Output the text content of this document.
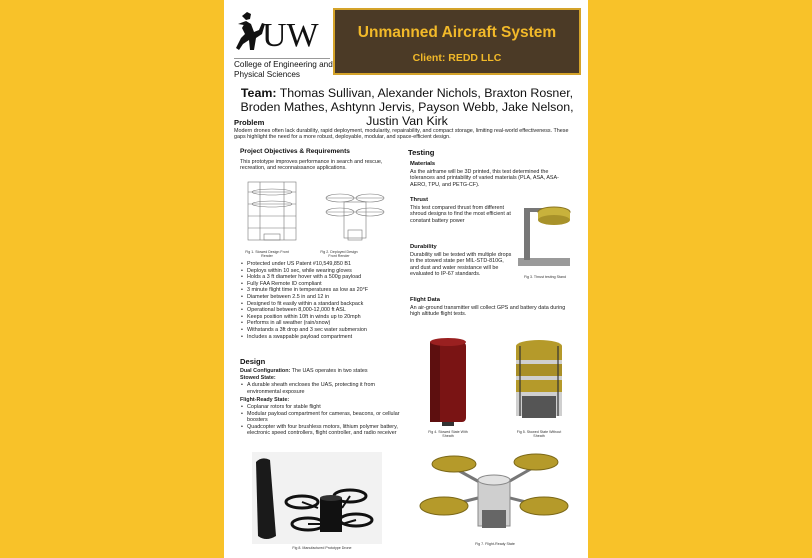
UW
College of Engineering and Physical Sciences
Unmanned Aircraft System
Client: REDD LLC
Team: Thomas Sullivan, Alexander Nichols, Braxton Rosner, Broden Mathes, Ashtynn Jervis, Payson Webb, Jake Nelson, Justin Van Kirk
Problem
Modern drones often lack durability, rapid deployment, modularity, repairability, and compact storage, limiting real-world effectiveness. These gaps highlight the need for a more robust, deployable, modular, and space-efficient design.
Project Objectives & Requirements
This prototype improves performance in search and rescue, recreation, and reconnaissance applications.
Fig 1. Stowed Design Front Render
Fig 2. Deployed Design Front Render
• Protected under US Patent #10,549,850 B1
• Deploys within 10 sec, while wearing gloves
• Holds a 3 ft diameter hover with a 500g payload
• Fully FAA Remote ID compliant
• 3 minute flight time in temperatures as low as 20°F
• Diameter between 2.5 in and 12 in
• Designed to fit easily within a standard backpack
• Operational between 8,000-12,000 ft ASL
• Keeps position within 10ft in winds up to 20mph
• Performs in all weather (rain/snow)
• Withstands a 3ft drop and 3 sec water submersion
• Includes a swappable payload compartment
Design
Dual Configuration: The UAS operates in two states
Stowed State:
• A durable sheath encloses the UAS, protecting it from environmental exposure
Flight-Ready State:
• Coplanar rotors for stable flight
• Modular payload compartment for cameras, beacons, or cellular boosters
• Quadcopter with four brushless motors, lithium polymer battery, electronic speed controllers, flight controller, and radio receiver
Fig 8. Manufactured Prototype Drone
Testing
Materials
As the airframe will be 3D printed, this test determined the tolerances and printability of varied materials (PLA, ASA, ASA-AERO, TPU, and PETG-CF).
Thrust
This test compared thrust from different shroud designs to find the most efficient at constant battery power
Fig 3. Thrust testing Stand
Durability
Durability will be tested with multiple drops in the stowed state per MIL-STD-810G, and dust and water resistance will be evaluated to IP-67 standards.
Flight Data
An air-ground transmitter will collect GPS and battery data during high altitude flight tests.
Fig 4. Stowed State With Sheath
Fig 5. Stowed State Without Sheath
Fig 7. Flight-Ready State
